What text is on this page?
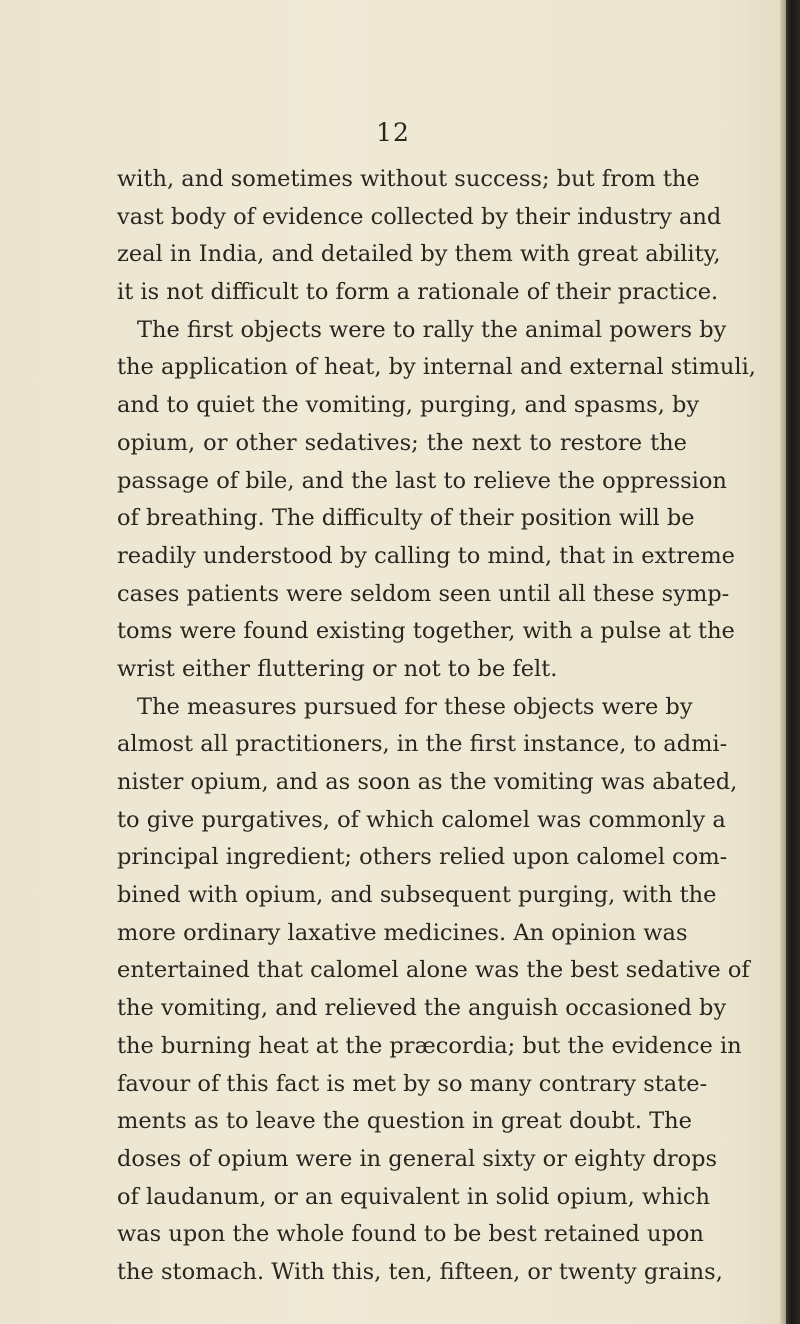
12
with, and sometimes without success; but from the
vast body of evidence collected by their industry and
zeal in India, and detailed by them with great ability,
it is not difficult to form a rationale of their practice.
The first objects were to rally the animal powers by
the application of heat, by internal and external stimuli,
and to quiet the vomiting, purging, and spasms, by
opium, or other sedatives; the next to restore the
passage of bile, and the last to relieve the oppression
of breathing. The difficulty of their position will be
readily understood by calling to mind, that in extreme
cases patients were seldom seen until all these symp-
toms were found existing together, with a pulse at the
wrist either fluttering or not to be felt.
The measures pursued for these objects were by
almost all practitioners, in the first instance, to admi-
nister opium, and as soon as the vomiting was abated,
to give purgatives, of which calomel was commonly a
principal ingredient; others relied upon calomel com-
bined with opium, and subsequent purging, with the
more ordinary laxative medicines. An opinion was
entertained that calomel alone was the best sedative of
the vomiting, and relieved the anguish occasioned by
the burning heat at the præcordia; but the evidence in
favour of this fact is met by so many contrary state-
ments as to leave the question in great doubt. The
doses of opium were in general sixty or eighty drops
of laudanum, or an equivalent in solid opium, which
was upon the whole found to be best retained upon
the stomach. With this, ten, fifteen, or twenty grains,
